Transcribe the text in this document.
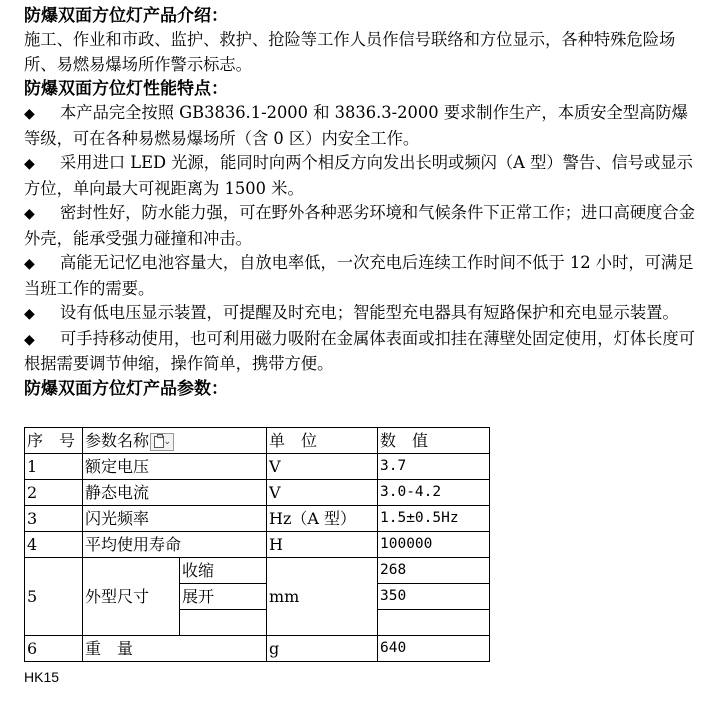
防爆双面方位灯产品介绍：

施工、作业和市政、监护、救护、抢险等工作人员作信号联络和方位显示，各种特殊危险场所、易燃易爆场所作警示标志。

防爆双面方位灯性能特点：

◆ 本产品完全按照 GB3836.1-2000 和 3836.3-2000 要求制作生产，本质安全型高防爆等级，可在各种易燃易爆场所（含 0 区）内安全工作。

◆ 采用进口 LED 光源，能同时向两个相反方向发出长明或频闪（A 型）警告、信号或显示方位，单向最大可视距离为 1500 米。

◆ 密封性好，防水能力强，可在野外各种恶劣环境和气候条件下正常工作；进口高硬度合金外壳，能承受强力碰撞和冲击。

◆ 高能无记忆电池容量大，自放电率低，一次充电后连续工作时间不低于 12 小时，可满足当班工作的需要。

◆ 设有低电压显示装置，可提醒及时充电；智能型充电器具有短路保护和充电显示装置。

◆ 可手持移动使用，也可利用磁力吸附在金属体表面或扣挂在薄壁处固定使用，灯体长度可根据需要调节伸缩，操作简单，携带方便。

防爆双面方位灯产品参数：
序　号	参数名称 ⌄		单　位	数　值
1	额定电压		V	3.7
2	静态电流		V	3.0-4.2
3	闪光频率		Hz（A 型）	1.5±0.5Hz
4	平均使用寿命		H	100000
5	外型尺寸	收缩	mm	268
		展开		350

6	重　量		g	640
HK15
